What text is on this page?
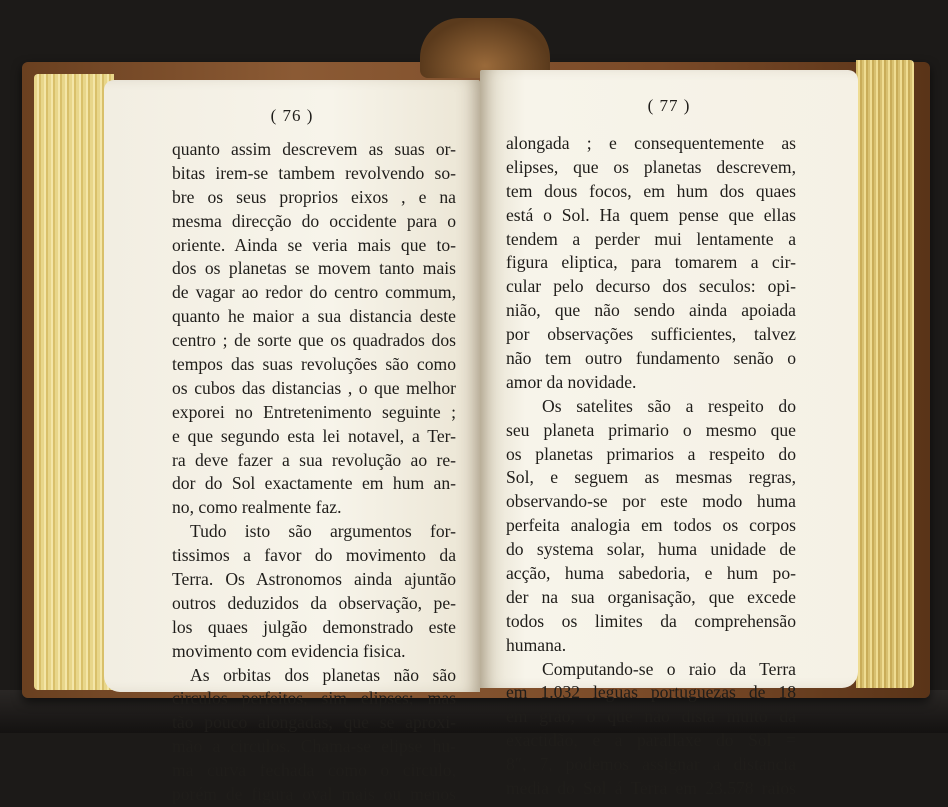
( 76 )
quanto assim descrevem as suas or-
bitas irem-se tambem revolvendo so-
bre os seus proprios eixos , e na
mesma direcção do occidente para o
oriente. Ainda se veria mais que to-
dos os planetas se movem tanto mais
de vagar ao redor do centro commum,
quanto he maior a sua distancia deste
centro ; de sorte que os quadrados dos
tempos das suas revoluções são como
os cubos das distancias , o que melhor
exporei no Entretenimento seguinte ;
e que segundo esta lei notavel, a Ter-
ra deve fazer a sua revolução ao re-
dor do Sol exactamente em hum an-
no, como realmente faz.
Tudo isto são argumentos for-
tissimos a favor do movimento da
Terra. Os Astronomos ainda ajuntão
outros deduzidos da observação, pe-
los quaes julgão demonstrado este
movimento com evidencia fisica.
As orbitas dos planetas não são
circulos perfeitos, sim elipses; mas
tão pouco alongadas, que se aproxi-
mão a circulos. Chama-se elipse hu-
ma curva fechada como o circulo,
porém de figura oval mais ou menos
( 77 )
alongada ; e consequentemente as
elipses, que os planetas descrevem,
tem dous focos, em hum dos quaes
está o Sol. Ha quem pense que ellas
tendem a perder mui lentamente a
figura eliptica, para tomarem a cir-
cular pelo decurso dos seculos: opi-
nião, que não sendo ainda apoiada
por observações sufficientes, talvez
não tem outro fundamento senão o
amor da novidade.
Os satelites são a respeito do
seu planeta primario o mesmo que
os planetas primarios a respeito do
Sol, e seguem as mesmas regras,
observando-se por este modo huma
perfeita analogia em todos os corpos
do systema solar, huma unidade de
acção, huma sabedoria, e hum po-
der na sua organisação, que excede
todos os limites da comprehensão
humana.
Computando-se o raio da Terra
em 1.032 leguas portuguezas de 18
em grão, o que não dista muito da
exactidão, e a parallaxe do Sol =
8″, 7, podemos assignar a distancia
media do Sol á Terra em 23.578 raios
